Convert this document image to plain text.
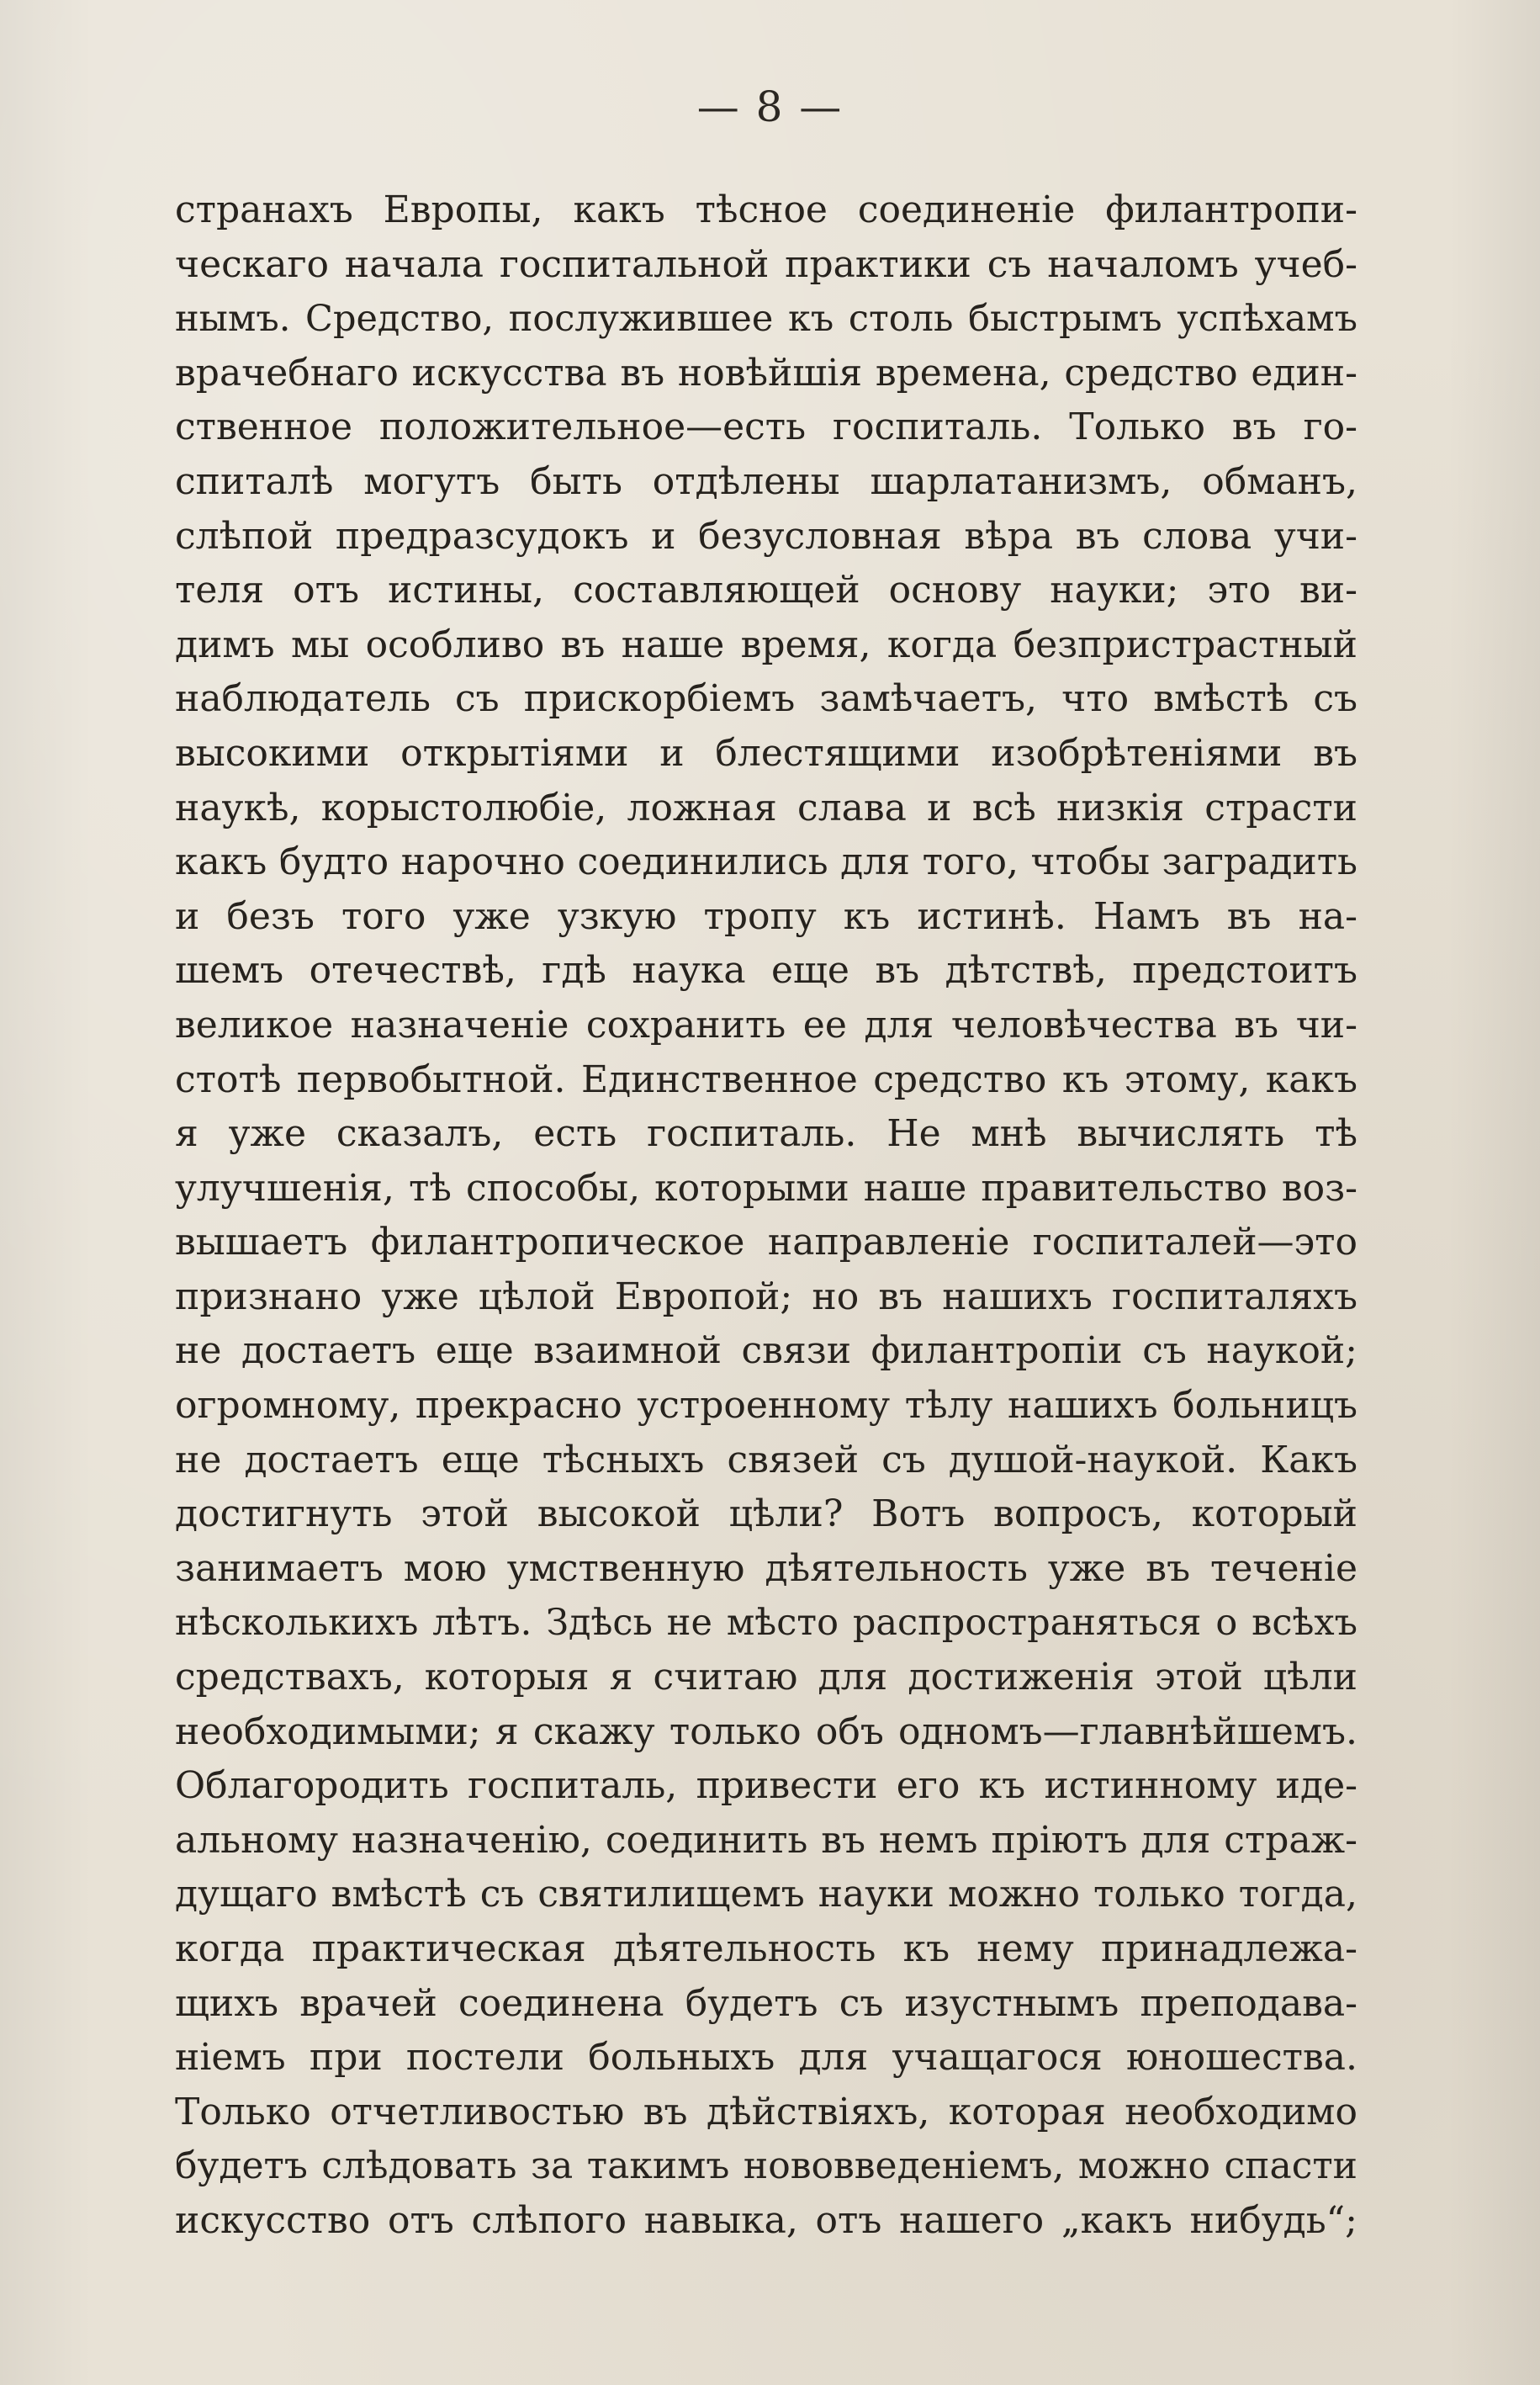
— 8 —
странахъ Европы, какъ тѣсное соединенiе филантропи-
ческаго начала госпитальной практики съ началомъ учеб-
нымъ. Средство, послужившее къ столь быстрымъ успѣхамъ
врачебнаго искусства въ новѣйшiя времена, средство един-
ственное положительное—есть госпиталь. Только въ го-
спиталѣ могутъ быть отдѣлены шарлатанизмъ, обманъ,
слѣпой предразсудокъ и безусловная вѣра въ слова учи-
теля отъ истины, составляющей основу науки; это ви-
димъ мы особливо въ наше время, когда безпристрастный
наблюдатель съ прискорбiемъ замѣчаетъ, что вмѣстѣ съ
высокими открытiями и блестящими изобрѣтенiями въ
наукѣ, корыстолюбiе, ложная слава и всѣ низкiя страсти
какъ будто нарочно соединились для того, чтобы заградить
и безъ того уже узкую тропу къ истинѣ. Намъ въ на-
шемъ отечествѣ, гдѣ наука еще въ дѣтствѣ, предстоитъ
великое назначенiе сохранить ее для человѣчества въ чи-
стотѣ первобытной. Единственное средство къ этому, какъ
я уже сказалъ, есть госпиталь. Не мнѣ вычислять тѣ
улучшенiя, тѣ способы, которыми наше правительство воз-
вышаетъ филантропическое направленiе госпиталей—это
признано уже цѣлой Европой; но въ нашихъ госпиталяхъ
не достаетъ еще взаимной связи филантропiи съ наукой;
огромному, прекрасно устроенному тѣлу нашихъ больницъ
не достаетъ еще тѣсныхъ связей съ душой-наукой. Какъ
достигнуть этой высокой цѣли? Вотъ вопросъ, который
занимаетъ мою умственную дѣятельность уже въ теченiе
нѣсколькихъ лѣтъ. Здѣсь не мѣсто распространяться о всѣхъ
средствахъ, которыя я считаю для достиженiя этой цѣли
необходимыми; я скажу только объ одномъ—главнѣйшемъ.
Облагородить госпиталь, привести его къ истинному иде-
альному назначенiю, соединить въ немъ прiютъ для страж-
дущаго вмѣстѣ съ святилищемъ науки можно только тогда,
когда практическая дѣятельность къ нему принадлежа-
щихъ врачей соединена будетъ съ изустнымъ преподава-
нiемъ при постели больныхъ для учащагося юношества.
Только отчетливостью въ дѣйствiяхъ, которая необходимо
будетъ слѣдовать за такимъ нововведенiемъ, можно спасти
искусство отъ слѣпого навыка, отъ нашего „какъ нибудь“;
